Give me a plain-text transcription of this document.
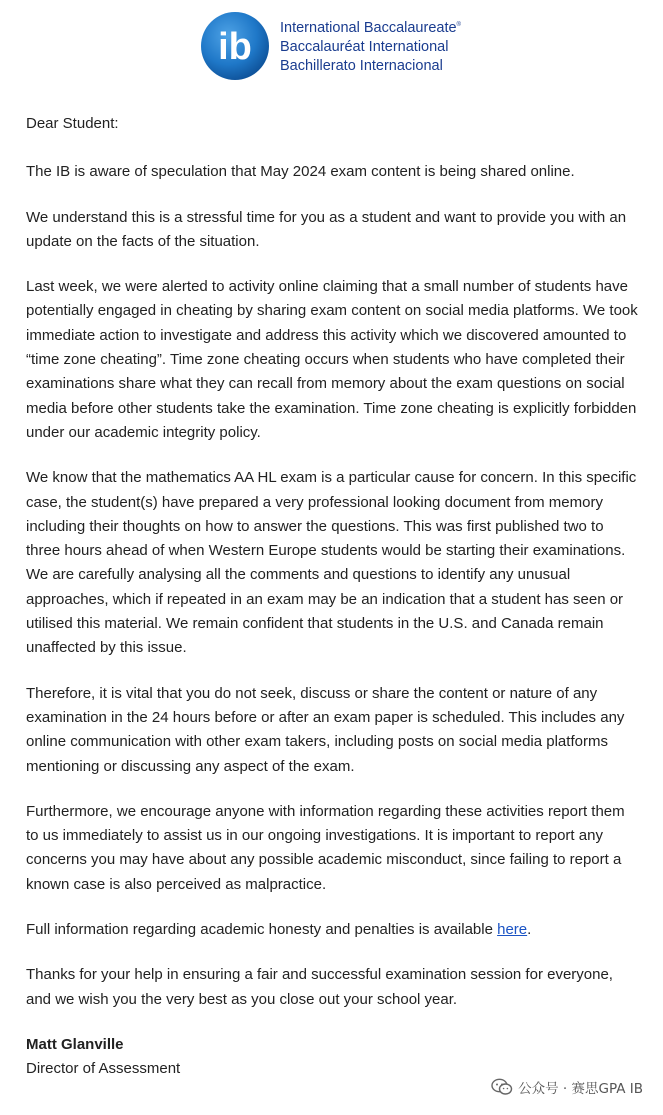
ib International Baccalaureate®
Baccalauréat International
Bachillerato Internacional

Dear Student:

The IB is aware of speculation that May 2024 exam content is being shared online.

We understand this is a stressful time for you as a student and want to provide you with an update on the facts of the situation.

Last week, we were alerted to activity online claiming that a small number of students have potentially engaged in cheating by sharing exam content on social media platforms. We took immediate action to investigate and address this activity which we discovered amounted to “time zone cheating”. Time zone cheating occurs when students who have completed their examinations share what they can recall from memory about the exam questions on social media before other students take the examination. Time zone cheating is explicitly forbidden under our academic integrity policy.

We know that the mathematics AA HL exam is a particular cause for concern. In this specific case, the student(s) have prepared a very professional looking document from memory including their thoughts on how to answer the questions. This was first published two to three hours ahead of when Western Europe students would be starting their examinations. We are carefully analysing all the comments and questions to identify any unusual approaches, which if repeated in an exam may be an indication that a student has seen or utilised this material. We remain confident that students in the U.S. and Canada remain unaffected by this issue.

Therefore, it is vital that you do not seek, discuss or share the content or nature of any examination in the 24 hours before or after an exam paper is scheduled. This includes any online communication with other exam takers, including posts on social media platforms mentioning or discussing any aspect of the exam.

Furthermore, we encourage anyone with information regarding these activities report them to us immediately to assist us in our ongoing investigations. It is important to report any concerns you may have about any possible academic misconduct, since failing to report a known case is also perceived as malpractice.

Full information regarding academic honesty and penalties is available here.

Thanks for your help in ensuring a fair and successful examination session for everyone, and we wish you the very best as you close out your school year.

Matt Glanville

Director of Assessment

公众号 · 赛思GPA IB
